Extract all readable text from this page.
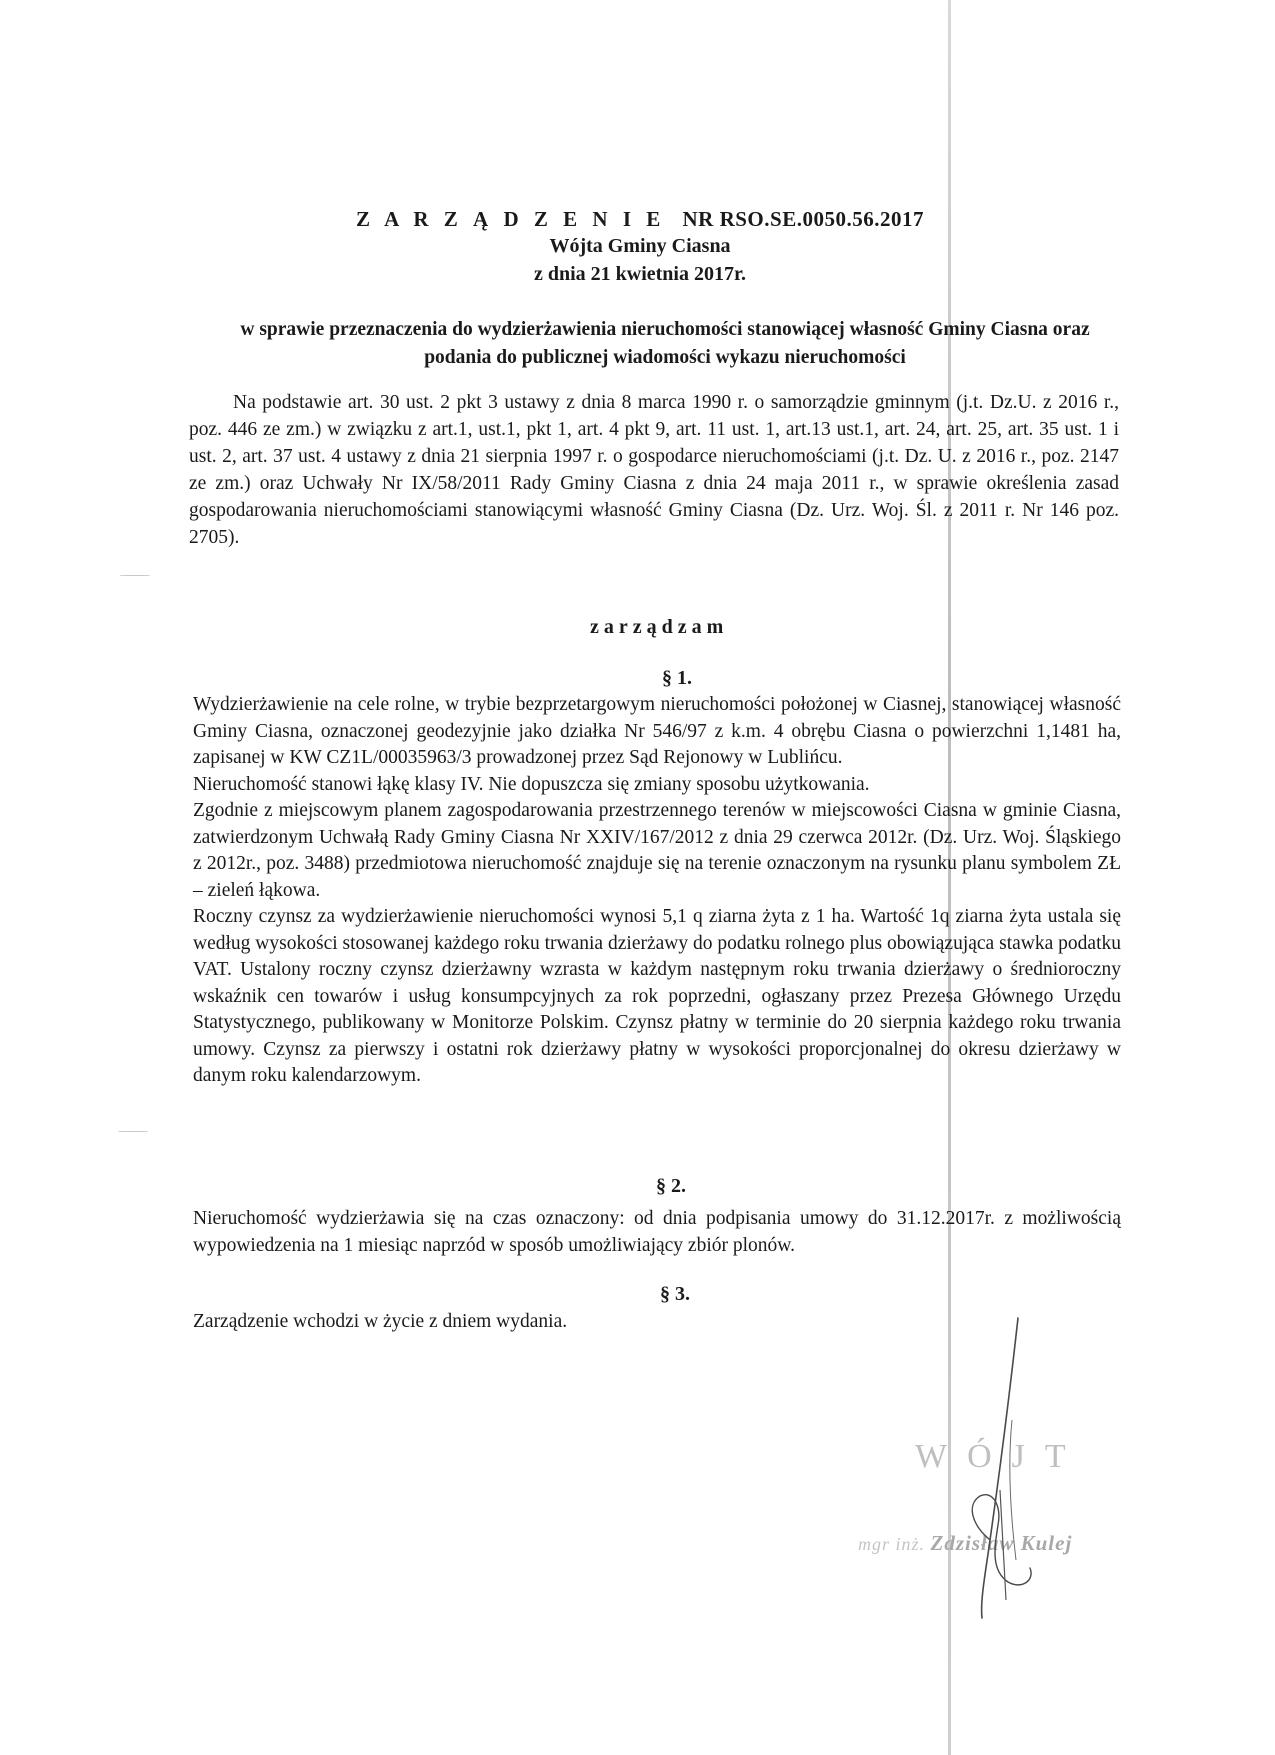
Z A R Z Ą D Z E N I E NR RSO.SE.0050.56.2017
Wójta Gminy Ciasna
z dnia 21 kwietnia 2017r.
w sprawie przeznaczenia do wydzierżawienia nieruchomości stanowiącej własność Gminy Ciasna oraz podania do publicznej wiadomości wykazu nieruchomości
Na podstawie art. 30 ust. 2 pkt 3 ustawy z dnia 8 marca 1990 r. o samorządzie gminnym (j.t. Dz.U. z 2016 r., poz. 446 ze zm.) w związku z art.1, ust.1, pkt 1, art. 4 pkt 9, art. 11 ust. 1, art.13 ust.1, art. 24, art. 25, art. 35 ust. 1 i ust. 2, art. 37 ust. 4 ustawy z dnia 21 sierpnia 1997 r. o gospodarce nieruchomościami (j.t. Dz. U. z 2016 r., poz. 2147 ze zm.) oraz Uchwały Nr IX/58/2011 Rady Gminy Ciasna z dnia 24 maja 2011 r., w sprawie określenia zasad gospodarowania nieruchomościami stanowiącymi własność Gminy Ciasna (Dz. Urz. Woj. Śl. z 2011 r. Nr 146 poz. 2705).
zarządzam
§ 1.

Wydzierżawienie na cele rolne, w trybie bezprzetargowym nieruchomości położonej w Ciasnej, stanowiącej własność Gminy Ciasna, oznaczonej geodezyjnie jako działka Nr 546/97 z k.m. 4 obrębu Ciasna o powierzchni 1,1481 ha, zapisanej w KW CZ1L/00035963/3 prowadzonej przez Sąd Rejonowy w Lublińcu.

Nieruchomość stanowi łąkę klasy IV. Nie dopuszcza się zmiany sposobu użytkowania.

Zgodnie z miejscowym planem zagospodarowania przestrzennego terenów w miejscowości Ciasna w gminie Ciasna, zatwierdzonym Uchwałą Rady Gminy Ciasna Nr XXIV/167/2012 z dnia 29 czerwca 2012r. (Dz. Urz. Woj. Śląskiego z 2012r., poz. 3488) przedmiotowa nieruchomość znajduje się na terenie oznaczonym na rysunku planu symbolem ZŁ – zieleń łąkowa.

Roczny czynsz za wydzierżawienie nieruchomości wynosi 5,1 q ziarna żyta z 1 ha. Wartość 1q ziarna żyta ustala się według wysokości stosowanej każdego roku trwania dzierżawy do podatku rolnego plus obowiązująca stawka podatku VAT. Ustalony roczny czynsz dzierżawny wzrasta w każdym następnym roku trwania dzierżawy o średnioroczny wskaźnik cen towarów i usług konsumpcyjnych za rok poprzedni, ogłaszany przez Prezesa Głównego Urzędu Statystycznego, publikowany w Monitorze Polskim. Czynsz płatny w terminie do 20 sierpnia każdego roku trwania umowy. Czynsz za pierwszy i ostatni rok dzierżawy płatny w wysokości proporcjonalnej do okresu dzierżawy w danym roku kalendarzowym.

§ 2.

Nieruchomość wydzierżawia się na czas oznaczony: od dnia podpisania umowy do 31.12.2017r. z możliwością wypowiedzenia na 1 miesiąc naprzód w sposób umożliwiający zbiór plonów.

§ 3.

Zarządzenie wchodzi w życie z dniem wydania.

WÓJT
mgr inż. Zdzisław Kulej
